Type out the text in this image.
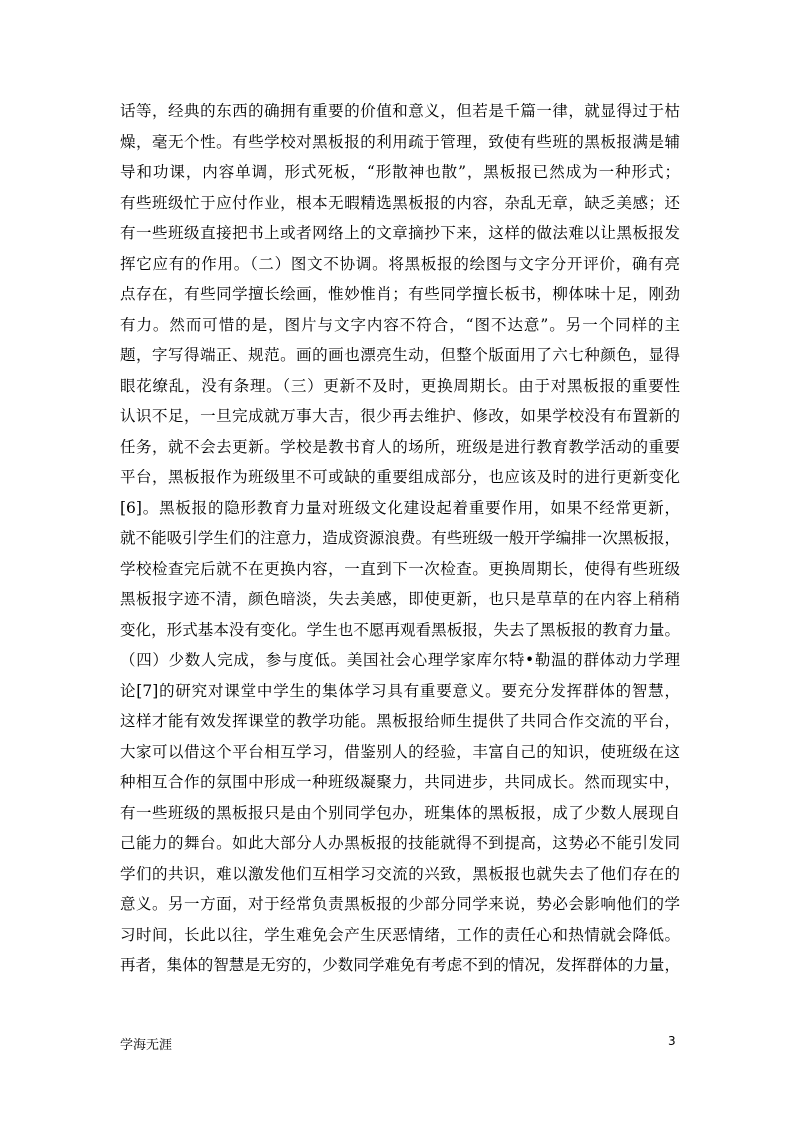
话等，经典的东西的确拥有重要的价值和意义，但若是千篇一律，就显得过于枯
燥，毫无个性。有些学校对黑板报的利用疏于管理，致使有些班的黑板报满是辅
导和功课，内容单调，形式死板，“形散神也散”，黑板报已然成为一种形式；
有些班级忙于应付作业，根本无暇精选黑板报的内容，杂乱无章，缺乏美感；还
有一些班级直接把书上或者网络上的文章摘抄下来，这样的做法难以让黑板报发
挥它应有的作用。（二）图文不协调。将黑板报的绘图与文字分开评价，确有亮
点存在，有些同学擅长绘画，惟妙惟肖；有些同学擅长板书，柳体味十足，刚劲
有力。然而可惜的是，图片与文字内容不符合，“图不达意”。另一个同样的主
题，字写得端正、规范。画的画也漂亮生动，但整个版面用了六七种颜色，显得
眼花缭乱，没有条理。（三）更新不及时，更换周期长。由于对黑板报的重要性
认识不足，一旦完成就万事大吉，很少再去维护、修改，如果学校没有布置新的
任务，就不会去更新。学校是教书育人的场所，班级是进行教育教学活动的重要
平台，黑板报作为班级里不可或缺的重要组成部分，也应该及时的进行更新变化
[6]。黑板报的隐形教育力量对班级文化建设起着重要作用，如果不经常更新，
就不能吸引学生们的注意力，造成资源浪费。有些班级一般开学编排一次黑板报，
学校检查完后就不在更换内容，一直到下一次检查。更换周期长，使得有些班级
黑板报字迹不清，颜色暗淡，失去美感，即使更新，也只是草草的在内容上稍稍
变化，形式基本没有变化。学生也不愿再观看黑板报，失去了黑板报的教育力量。
（四）少数人完成，参与度低。美国社会心理学家库尔特•勒温的群体动力学理
论[7]的研究对课堂中学生的集体学习具有重要意义。要充分发挥群体的智慧，
这样才能有效发挥课堂的教学功能。黑板报给师生提供了共同合作交流的平台，
大家可以借这个平台相互学习，借鉴别人的经验，丰富自己的知识，使班级在这
种相互合作的氛围中形成一种班级凝聚力，共同进步，共同成长。然而现实中，
有一些班级的黑板报只是由个别同学包办，班集体的黑板报，成了少数人展现自
己能力的舞台。如此大部分人办黑板报的技能就得不到提高，这势必不能引发同
学们的共识，难以激发他们互相学习交流的兴致，黑板报也就失去了他们存在的
意义。另一方面，对于经常负责黑板报的少部分同学来说，势必会影响他们的学
习时间，长此以往，学生难免会产生厌恶情绪，工作的责任心和热情就会降低。
再者，集体的智慧是无穷的，少数同学难免有考虑不到的情况，发挥群体的力量，
学海无涯	3
